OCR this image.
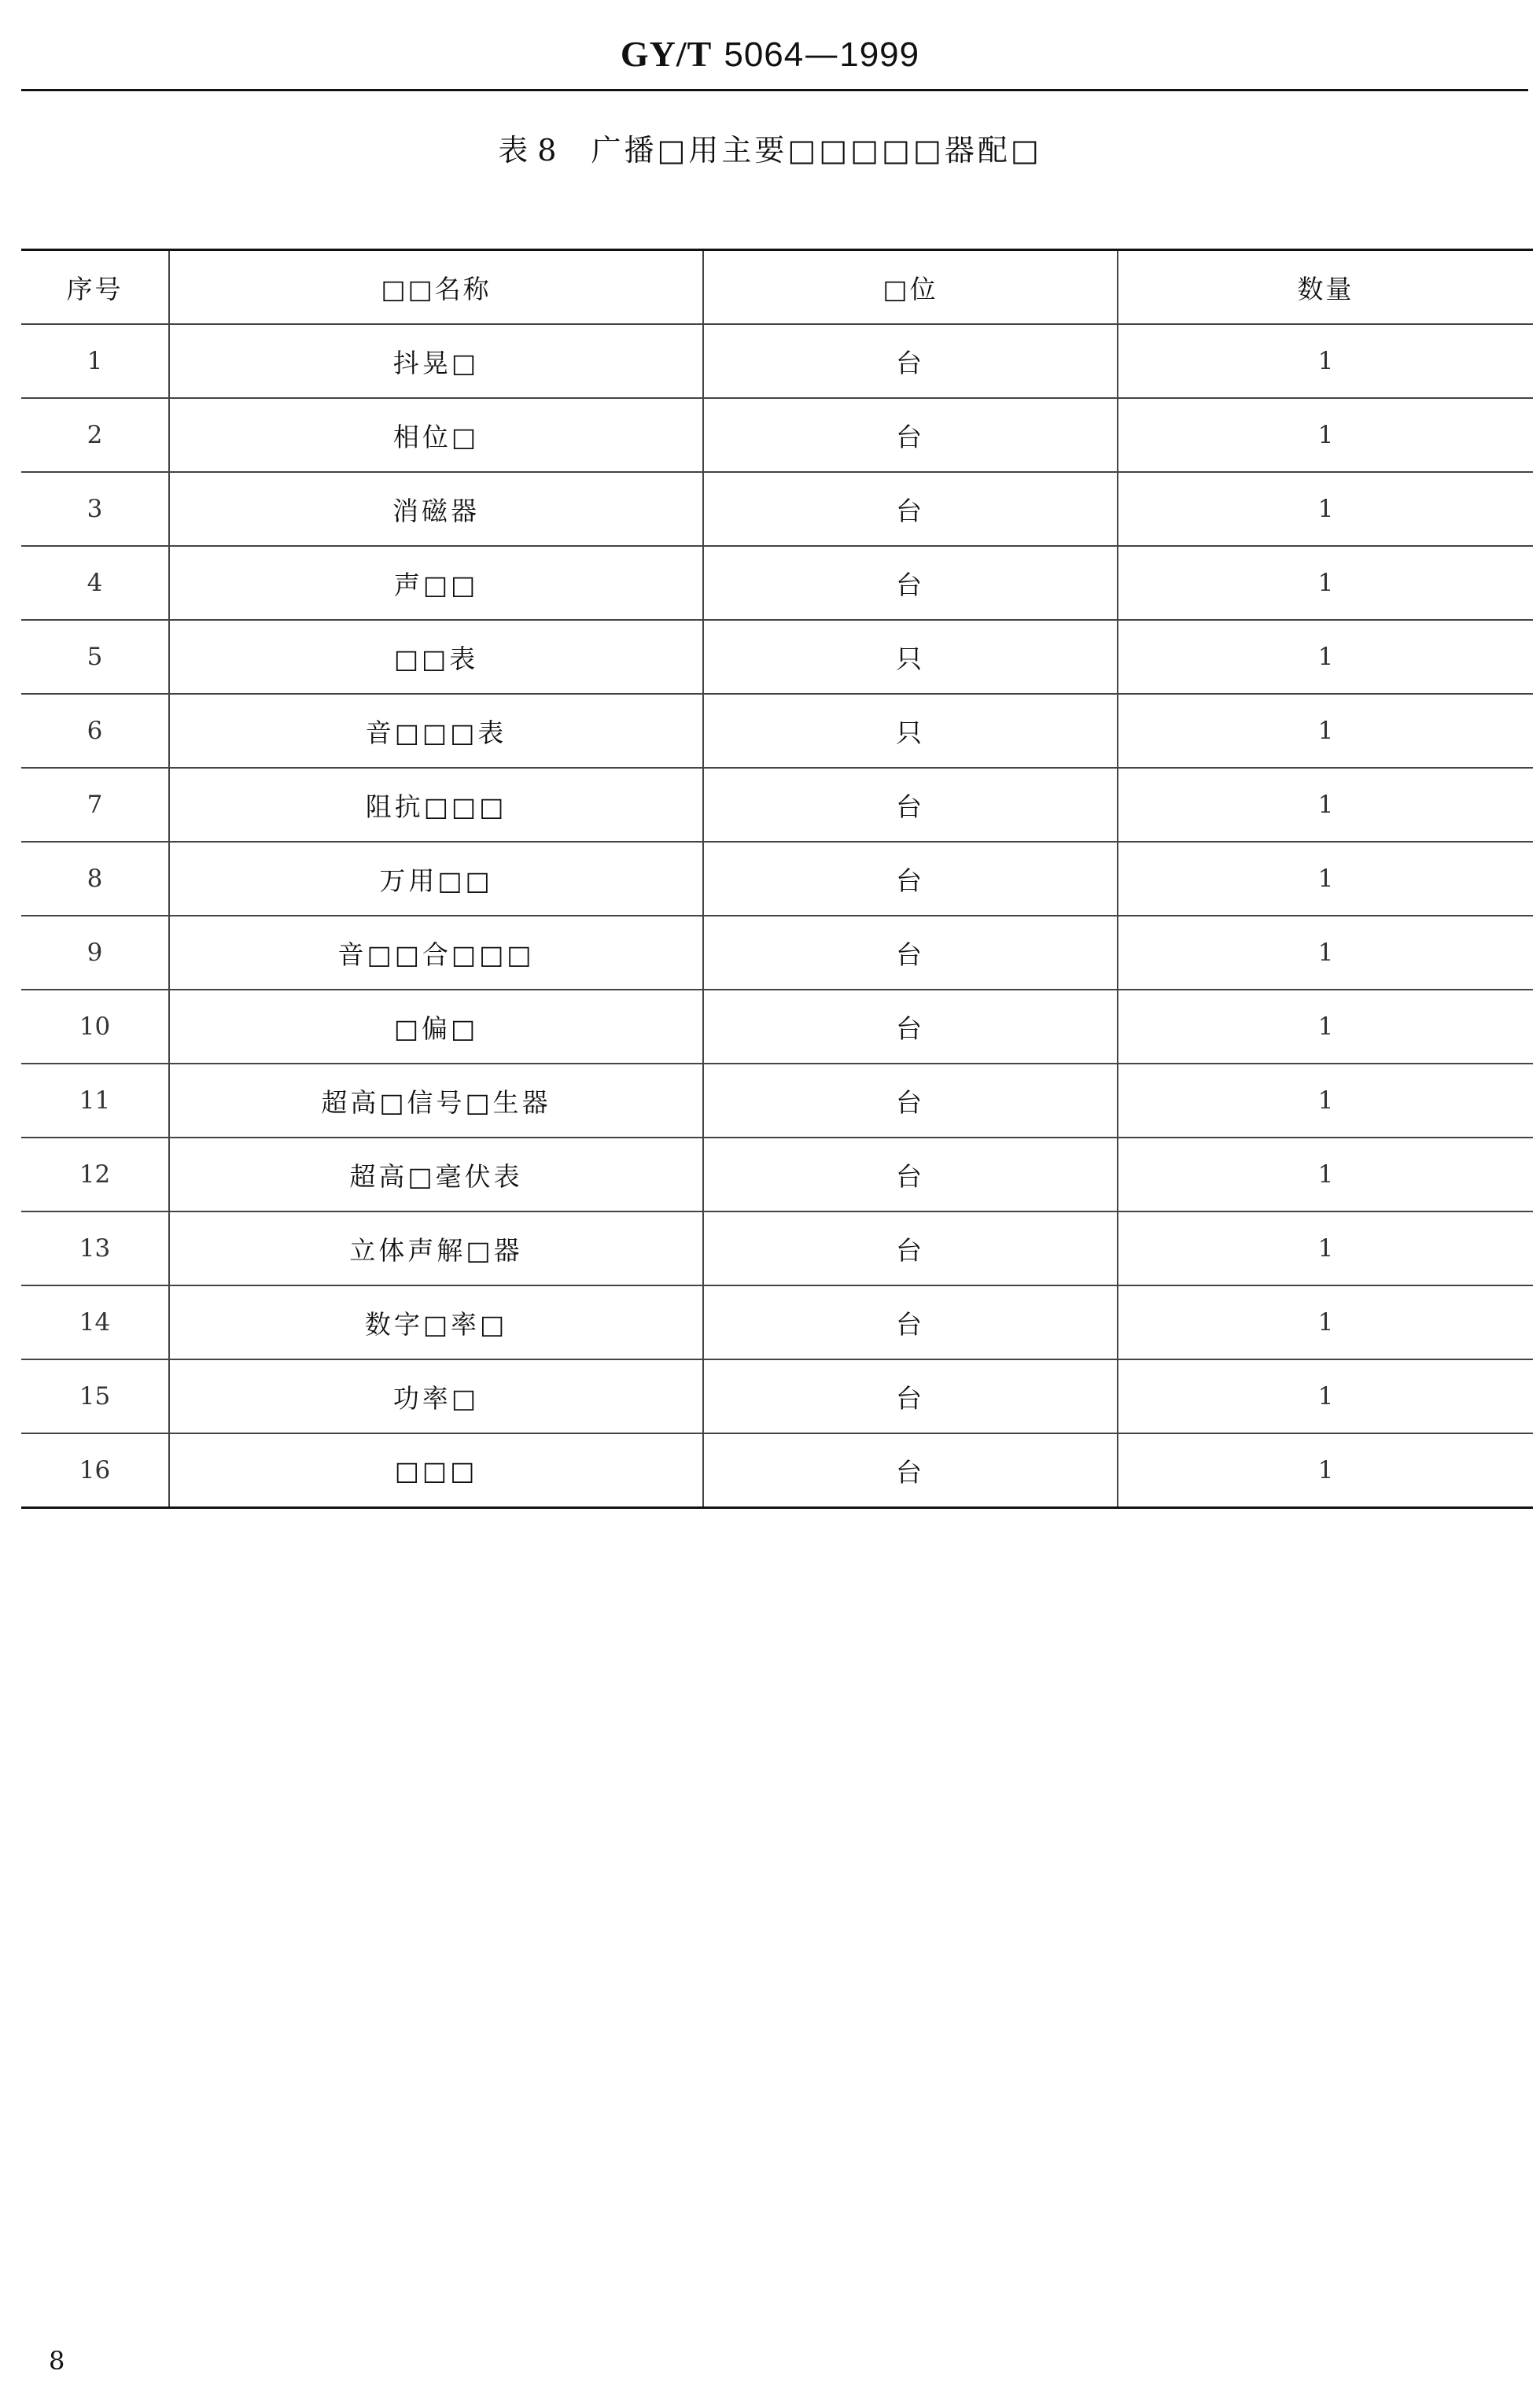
GY/T 5064—1999
表 8 广播□用主要□□□□□器配□
序号	□□名称	□位	数量
1	抖晃□	台	1
2	相位□	台	1
3	消磁器	台	1
4	声□□	台	1
5	□□表	只	1
6	音□□□表	只	1
7	阻抗□□□	台	1
8	万用□□	台	1
9	音□□合□□□	台	1
10	□偏□	台	1
11	超高□信号□生器	台	1
12	超高□毫伏表	台	1
13	立体声解□器	台	1
14	数字□率□	台	1
15	功率□	台	1
16	□□□	台	1
8
